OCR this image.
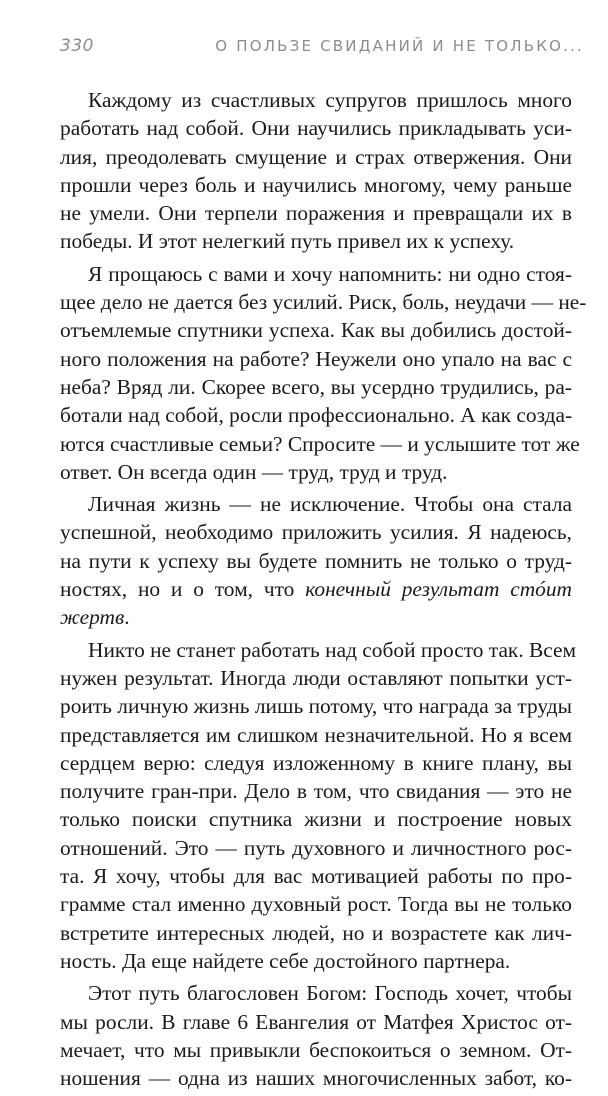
330	О ПОЛЬЗЕ СВИДАНИЙ И НЕ ТОЛЬКО...
Каждому из счастливых супругов пришлось много
работать над собой. Они научились прикладывать уси-
лия, преодолевать смущение и страх отвержения. Они
прошли через боль и научились многому, чему раньше
не умели. Они терпели поражения и превращали их в
победы. И этот нелегкий путь привел их к успеху.
Я прощаюсь с вами и хочу напомнить: ни одно стоя-
щее дело не дается без усилий. Риск, боль, неудачи — не-
отъемлемые спутники успеха. Как вы добились достой-
ного положения на работе? Неужели оно упало на вас с
неба? Вряд ли. Скорее всего, вы усердно трудились, ра-
ботали над собой, росли профессионально. А как созда-
ются счастливые семьи? Спросите — и услышите тот же
ответ. Он всегда один — труд, труд и труд.
Личная жизнь — не исключение. Чтобы она стала
успешной, необходимо приложить усилия. Я надеюсь,
на пути к успеху вы будете помнить не только о труд-
ностях, но и о том, что конечный результат стóит
жертв.
Никто не станет работать над собой просто так. Всем
нужен результат. Иногда люди оставляют попытки уст-
роить личную жизнь лишь потому, что награда за труды
представляется им слишком незначительной. Но я всем
сердцем верю: следуя изложенному в книге плану, вы
получите гран-при. Дело в том, что свидания — это не
только поиски спутника жизни и построение новых
отношений. Это — путь духовного и личностного рос-
та. Я хочу, чтобы для вас мотивацией работы по про-
грамме стал именно духовный рост. Тогда вы не только
встретите интересных людей, но и возрастете как лич-
ность. Да еще найдете себе достойного партнера.
Этот путь благословен Богом: Господь хочет, чтобы
мы росли. В главе 6 Евангелия от Матфея Христос от-
мечает, что мы привыкли беспокоиться о земном. От-
ношения — одна из наших многочисленных забот, ко-
